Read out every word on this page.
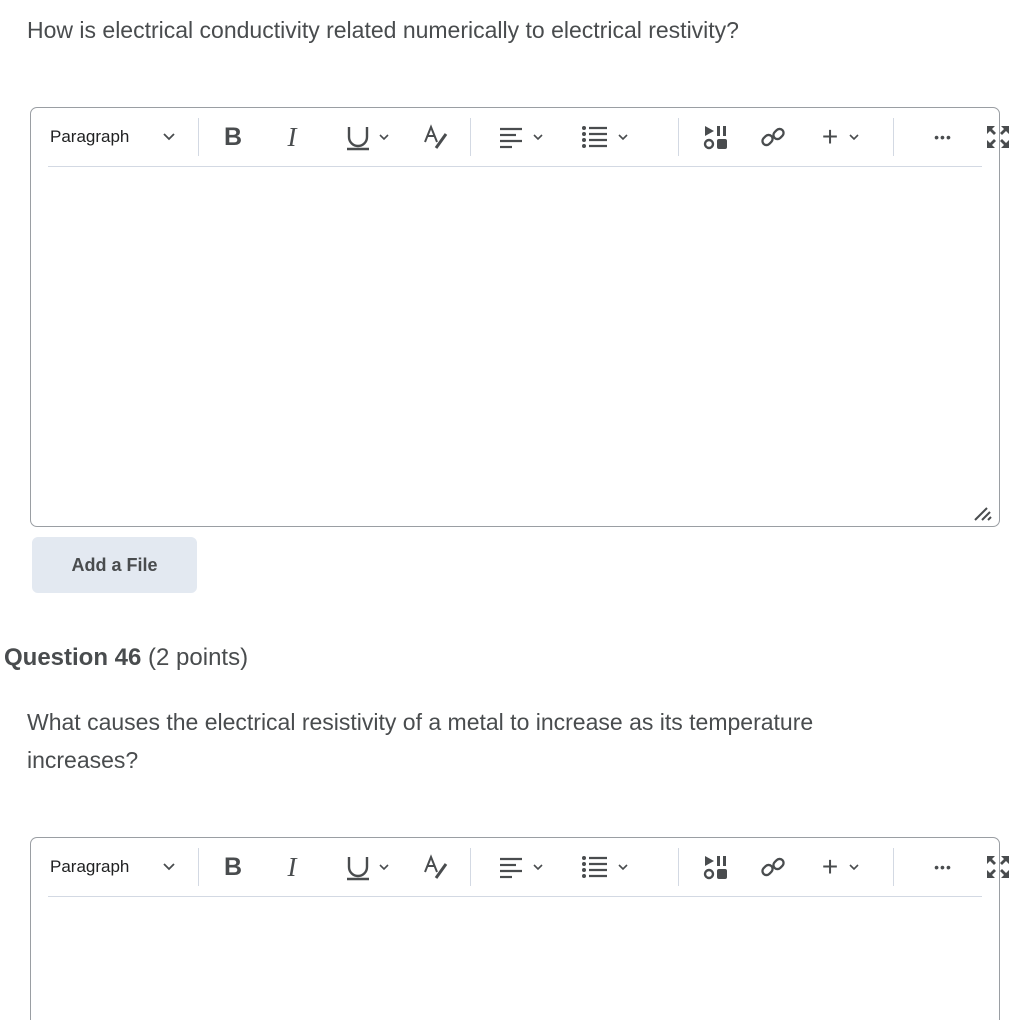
How is electrical conductivity related numerically to electrical restivity?
Paragraph	B	I	+	•••
Add a File
Question 46 (2 points)
What causes the electrical resistivity of a metal to increase as its temperature increases?
Paragraph	B	I	+	•••
